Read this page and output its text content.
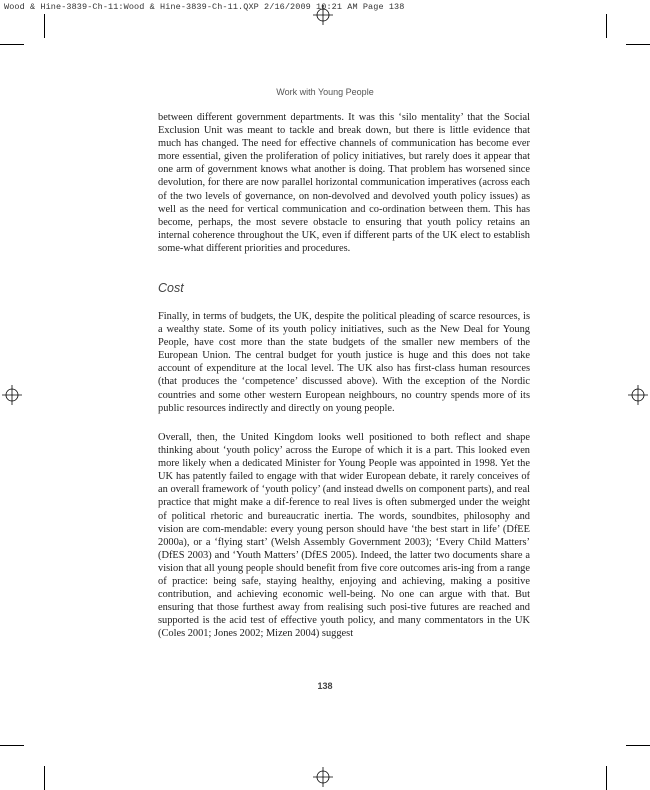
Wood & Hine-3839-Ch-11:Wood & Hine-3839-Ch-11.QXP 2/16/2009 10:21 AM Page 138
Work with Young People

between different government departments. It was this ‘silo mentality’ that the Social Exclusion Unit was meant to tackle and break down, but there is little evidence that much has changed. The need for effective channels of communication has become ever more essential, given the proliferation of policy initiatives, but rarely does it appear that one arm of government knows what another is doing. That problem has worsened since devolution, for there are now parallel horizontal communication imperatives (across each of the two levels of governance, on non-devolved and devolved youth policy issues) as well as the need for vertical communication and co-ordination between them. This has become, perhaps, the most severe obstacle to ensuring that youth policy retains an internal coherence throughout the UK, even if different parts of the UK elect to establish some-what different priorities and procedures.

Cost

Finally, in terms of budgets, the UK, despite the political pleading of scarce resources, is a wealthy state. Some of its youth policy initiatives, such as the New Deal for Young People, have cost more than the state budgets of the smaller new members of the European Union. The central budget for youth justice is huge and this does not take account of expenditure at the local level. The UK also has first-class human resources (that produces the ‘competence’ discussed above). With the exception of the Nordic countries and some other western European neighbours, no country spends more of its public resources indirectly and directly on young people.

Overall, then, the United Kingdom looks well positioned to both reflect and shape thinking about ‘youth policy’ across the Europe of which it is a part. This looked even more likely when a dedicated Minister for Young People was appointed in 1998. Yet the UK has patently failed to engage with that wider European debate, it rarely conceives of an overall framework of ‘youth policy’ (and instead dwells on component parts), and real practice that might make a dif-ference to real lives is often submerged under the weight of political rhetoric and bureaucratic inertia. The words, soundbites, philosophy and vision are com-mendable: every young person should have ‘the best start in life’ (DfEE 2000a), or a ‘flying start’ (Welsh Assembly Government 2003); ‘Every Child Matters’ (DfES 2003) and ‘Youth Matters’ (DfES 2005). Indeed, the latter two documents share a vision that all young people should benefit from five core outcomes aris-ing from a range of practice: being safe, staying healthy, enjoying and achieving, making a positive contribution, and achieving economic well-being. No one can argue with that. But ensuring that those furthest away from realising such posi-tive futures are reached and supported is the acid test of effective youth policy, and many commentators in the UK (Coles 2001; Jones 2002; Mizen 2004) suggest

138
